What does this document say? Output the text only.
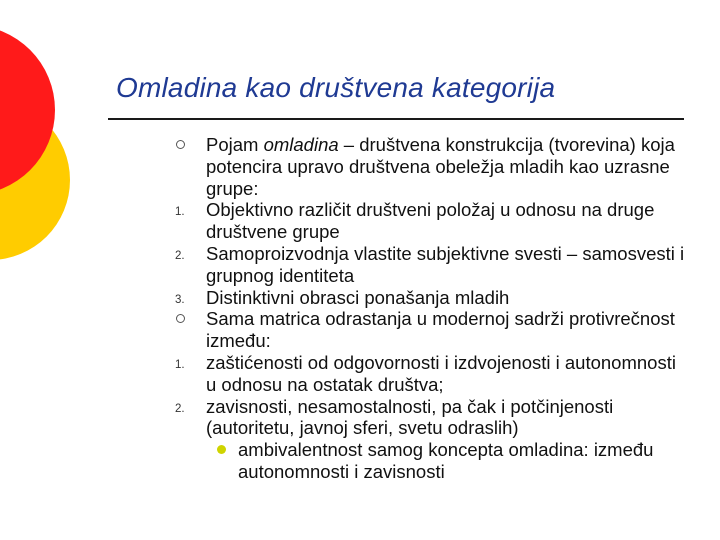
Omladina kao društvena kategorija
Pojam omladina – društvena konstrukcija (tvorevina) koja potencira upravo društvena obeležja mladih kao uzrasne grupe:
1.	Objektivno različit društveni položaj u odnosu na druge društvene grupe
2.	Samoproizvodnja vlastite subjektivne svesti – samosvesti i grupnog identiteta
3.	Distinktivni obrasci ponašanja mladih
Sama matrica odrastanja u modernoj sadrži protivrečnost između:
1.	zaštićenosti od odgovornosti i izdvojenosti i autonomnosti u odnosu na ostatak društva;
2.	zavisnosti, nesamostalnosti, pa čak i potčinjenosti (autoritetu, javnoj sferi, svetu odraslih)
ambivalentnost samog koncepta omladina: između autonomnosti i zavisnosti
